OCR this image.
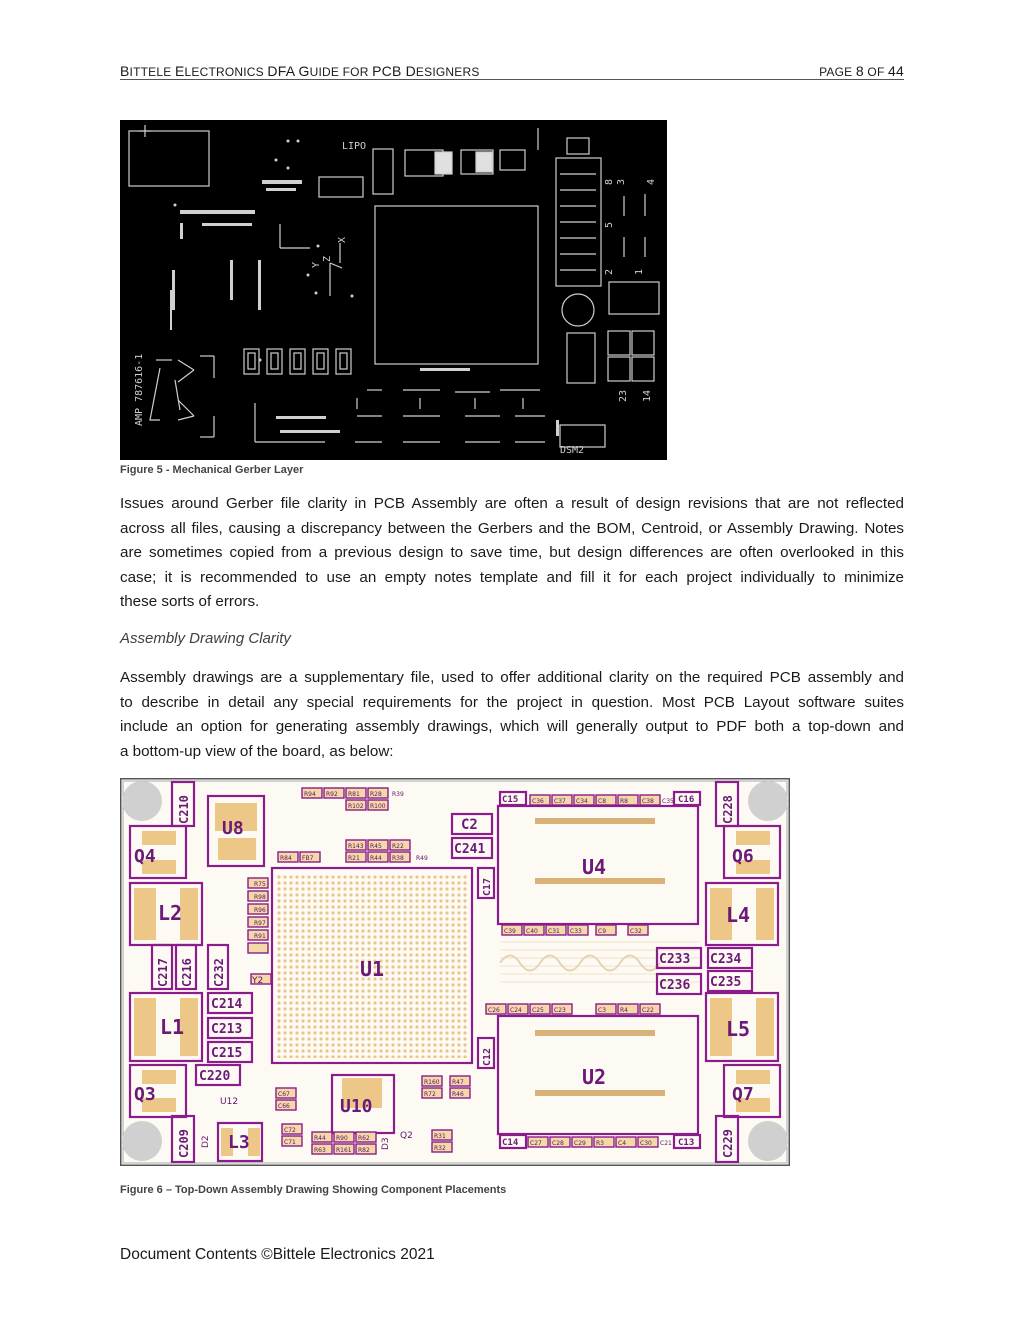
BITTELE ELECTRONICS DFA GUIDE FOR PCB DESIGNERS	PAGE 8 OF 44
LIPO
DSM2
AMP 787616-1
Z
X
Y
23 14
8 3 4
5
2 1
Figure 5 - Mechanical Gerber Layer
Issues around Gerber file clarity in PCB Assembly are often a result of design revisions that are not reflected
across all files, causing a discrepancy between the Gerbers and the BOM, Centroid, or Assembly Drawing. Notes
are sometimes copied from a previous design to save time, but design differences are often overlooked in this
case; it is recommended to use an empty notes template and fill it for each project individually to minimize
these sorts of errors.
Assembly Drawing Clarity
Assembly drawings are a supplementary file, used to offer additional clarity on the required PCB assembly and
to describe in detail any special requirements for the project in question. Most PCB Layout software suites
include an option for generating assembly drawings, which will generally output to PDF both a top-down and
a bottom-up view of the board, as below:
U1
U4
U2
U8
U10
Q4
Q3
Q6
Q7
L2
L1
L3
L4
L5
C210	C228
C209	C229
C217 C216 C232
C17
C12
C2
C241
C233
C236
C234
C235
C214
C213
C215
C220
C15	C16
C14	C13
R94 R92 R81 R28 R39
R102 R100
R143 R45 R22
R84 FB7	R21 R44 R38 R49
C36 C37 C34 C8 R8 C38 C35
C39 C40 C31 C33	C9	C32
C26 C24 C25 C23	C3 R4 C22
C27 C28 C29 R3 C4 C30 C21
R75
R98
R96
R97
R91
C72
C71
C67
C66
R44
R63
R90
R161
R62
R82
R160
R72
R47
R46
R31
R32
Y2
U12
Q2
D2	D3
Figure 6 – Top-Down Assembly Drawing Showing Component Placements
Document Contents ©Bittele Electronics 2021
